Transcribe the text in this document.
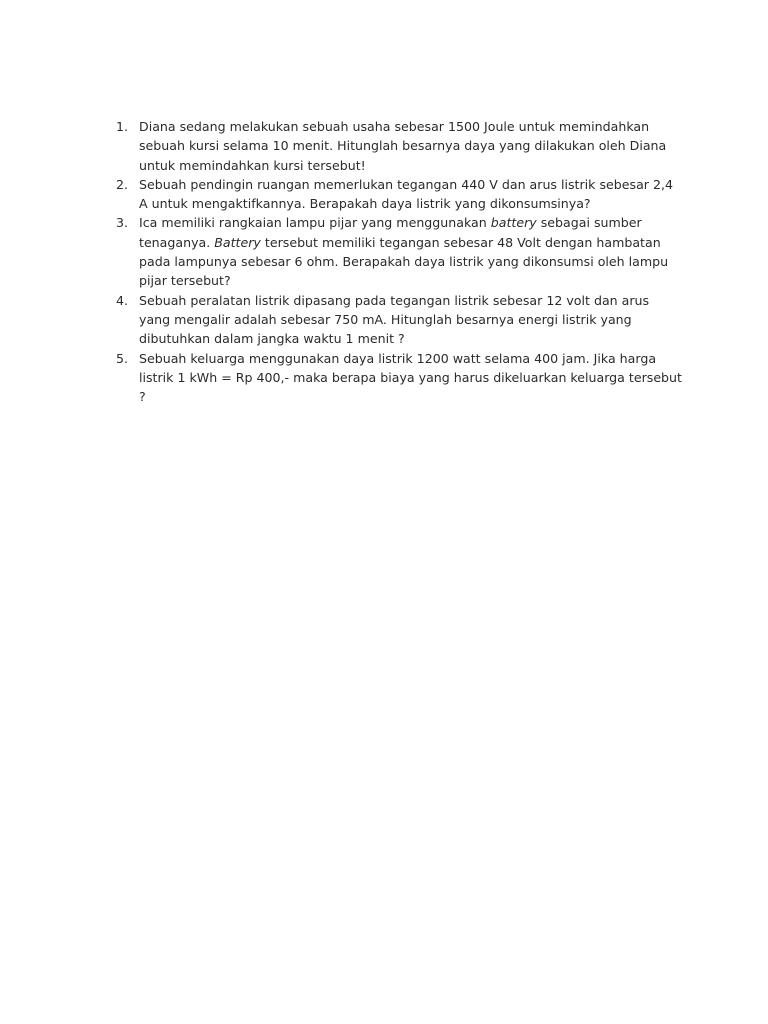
1. Diana sedang melakukan sebuah usaha sebesar 1500 Joule untuk memindahkan sebuah kursi selama 10 menit. Hitunglah besarnya daya yang dilakukan oleh Diana untuk memindahkan kursi tersebut!
2. Sebuah pendingin ruangan memerlukan tegangan 440 V dan arus listrik sebesar 2,4 A untuk mengaktifkannya. Berapakah daya listrik yang dikonsumsinya?
3. Ica memiliki rangkaian lampu pijar yang menggunakan battery sebagai sumber tenaganya. Battery tersebut memiliki tegangan sebesar 48 Volt dengan hambatan pada lampunya sebesar 6 ohm. Berapakah daya listrik yang dikonsumsi oleh lampu pijar tersebut?
4. Sebuah peralatan listrik dipasang pada tegangan listrik sebesar 12 volt dan arus yang mengalir adalah sebesar 750 mA. Hitunglah besarnya energi listrik yang dibutuhkan dalam jangka waktu 1 menit ?
5. Sebuah keluarga menggunakan daya listrik 1200 watt selama 400 jam. Jika harga listrik 1 kWh = Rp 400,- maka berapa biaya yang harus dikeluarkan keluarga tersebut ?
